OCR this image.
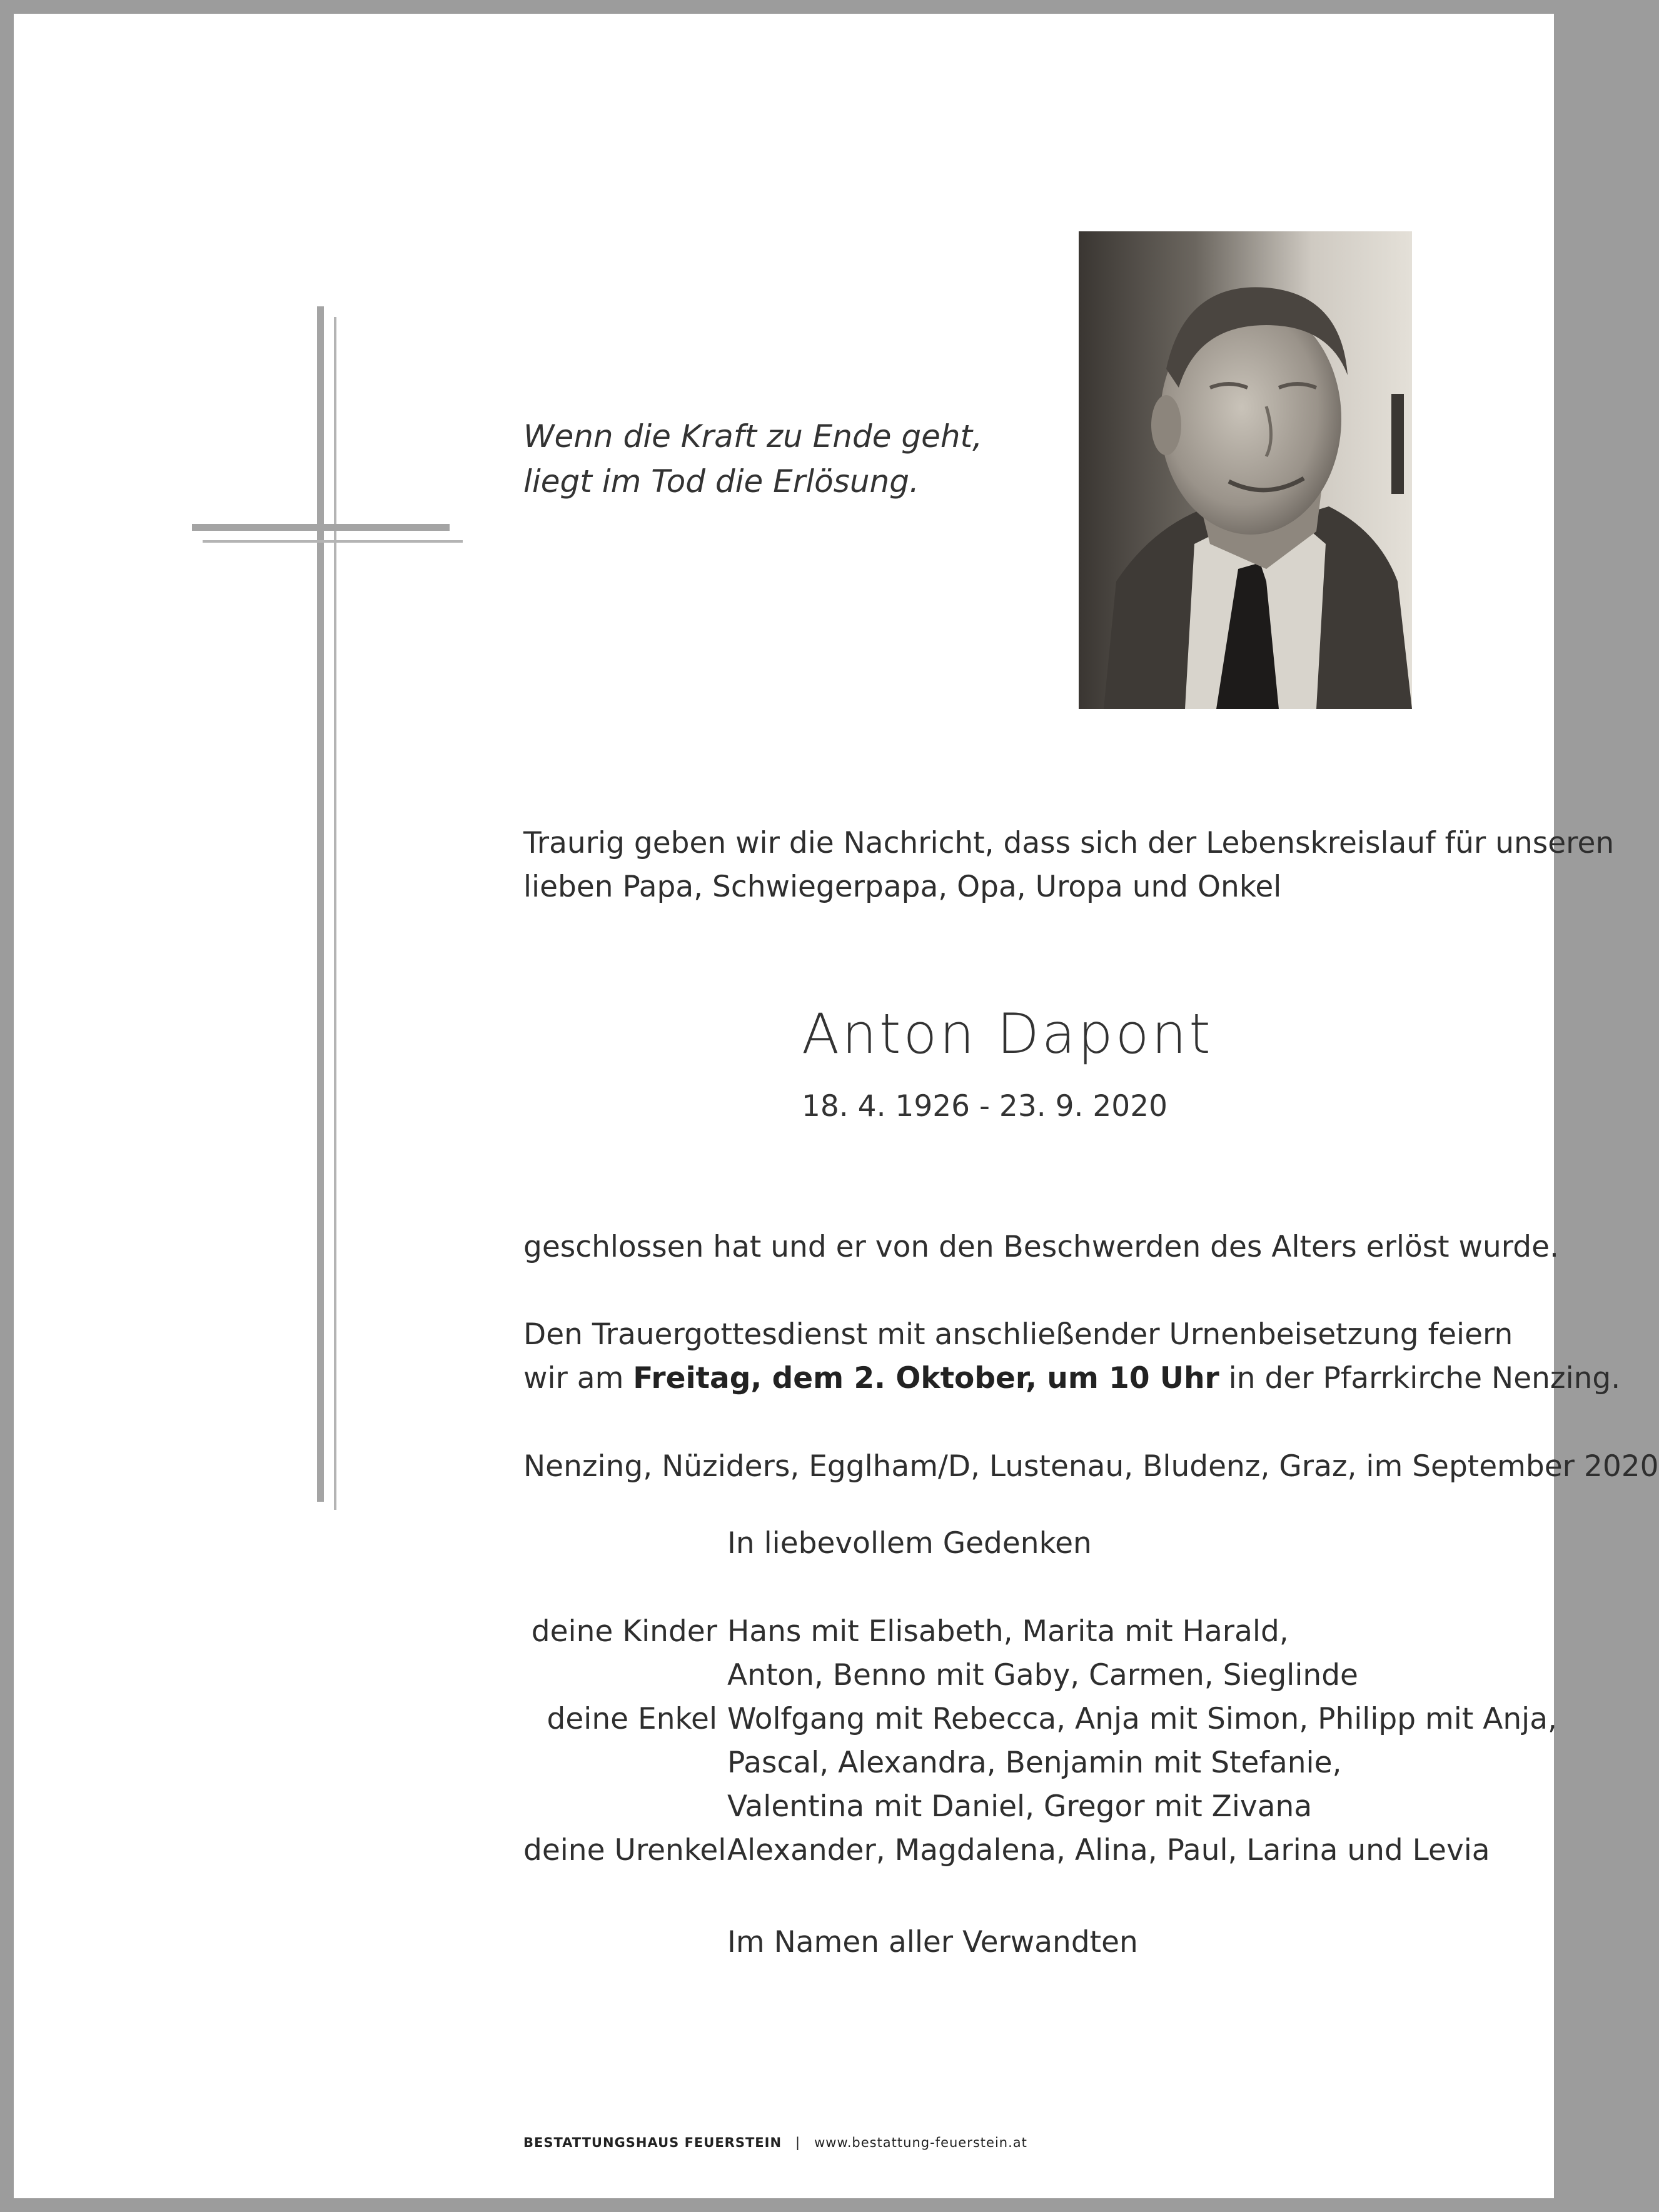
Wenn die Kraft zu Ende geht,
liegt im Tod die Erlösung.
Traurig geben wir die Nachricht, dass sich der Lebenskreislauf für unseren
lieben Papa, Schwiegerpapa, Opa, Uropa und Onkel
Anton Dapont
18. 4. 1926 - 23. 9. 2020
geschlossen hat und er von den Beschwerden des Alters erlöst wurde.
Den Trauergottesdienst mit anschließender Urnenbeisetzung feiern
wir am Freitag, dem 2. Oktober, um 10 Uhr in der Pfarrkirche Nenzing.
Nenzing, Nüziders, Egglham/D, Lustenau, Bludenz, Graz, im September 2020
In liebevollem Gedenken
deine Kinder Hans mit Elisabeth, Marita mit Harald,
Anton, Benno mit Gaby, Carmen, Sieglinde
deine Enkel Wolfgang mit Rebecca, Anja mit Simon, Philipp mit Anja,
Pascal, Alexandra, Benjamin mit Stefanie,
Valentina mit Daniel, Gregor mit Zivana
deine Urenkel Alexander, Magdalena, Alina, Paul, Larina und Levia
Im Namen aller Verwandten
BESTATTUNGSHAUS FEUERSTEIN | www.bestattung-feuerstein.at
